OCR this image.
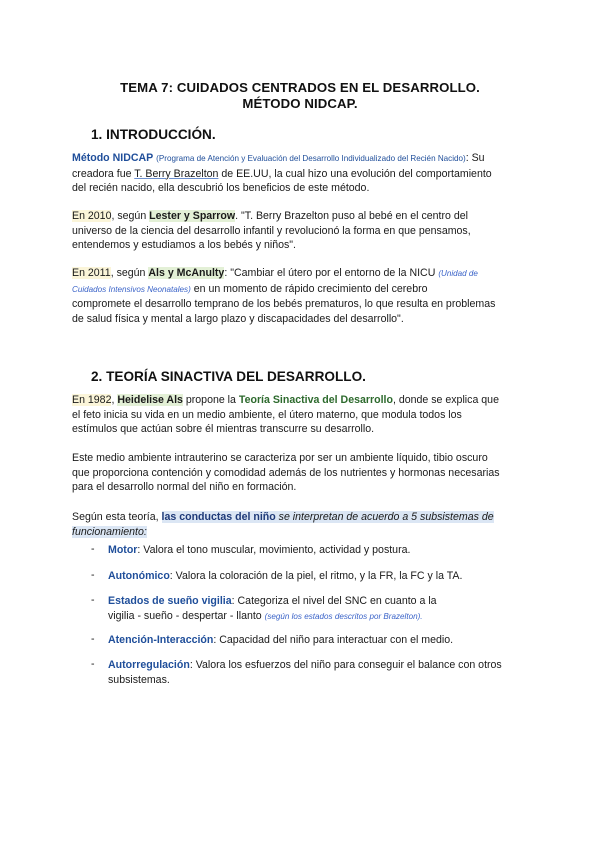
TEMA 7: CUIDADOS CENTRADOS EN EL DESARROLLO.
MÉTODO NIDCAP.
1. INTRODUCCIÓN.
Método NIDCAP (Programa de Atención y Evaluación del Desarrollo Individualizado del Recién Nacido): Su
creadora fue T. Berry Brazelton de EE.UU, la cual hizo una evolución del comportamiento
del recién nacido, ella descubrió los beneficios de este método.
En 2010, según Lester y Sparrow. "T. Berry Brazelton puso al bebé en el centro del
universo de la ciencia del desarrollo infantil y revolucionó la forma en que pensamos,
entendemos y estudiamos a los bebés y niños".
En 2011, según Als y McAnulty: "Cambiar el útero por el entorno de la NICU (Unidad de
Cuidados Intensivos Neonatales) en un momento de rápido crecimiento del cerebro
compromete el desarrollo temprano de los bebés prematuros, lo que resulta en problemas
de salud física y mental a largo plazo y discapacidades del desarrollo".
2. TEORÍA SINACTIVA DEL DESARROLLO.
En 1982, Heidelise Als propone la Teoría Sinactiva del Desarrollo, donde se explica que
el feto inicia su vida en un medio ambiente, el útero materno, que modula todos los
estímulos que actúan sobre él mientras transcurre su desarrollo.
Este medio ambiente intrauterino se caracteriza por ser un ambiente líquido, tibio oscuro
que proporciona contención y comodidad además de los nutrientes y hormonas necesarias
para el desarrollo normal del niño en formación.
Según esta teoría, las conductas del niño se interpretan de acuerdo a 5 subsistemas de
funcionamiento:
- Motor: Valora el tono muscular, movimiento, actividad y postura.
- Autonómico: Valora la coloración de la piel, el ritmo, y la FR, la FC y la TA.
- Estados de sueño vigilia: Categoriza el nivel del SNC en cuanto a la
vigilia - sueño - despertar - llanto (según los estados descritos por Brazelton).
- Atención-Interacción: Capacidad del niño para interactuar con el medio.
- Autorregulación: Valora los esfuerzos del niño para conseguir el balance con otros
subsistemas.
